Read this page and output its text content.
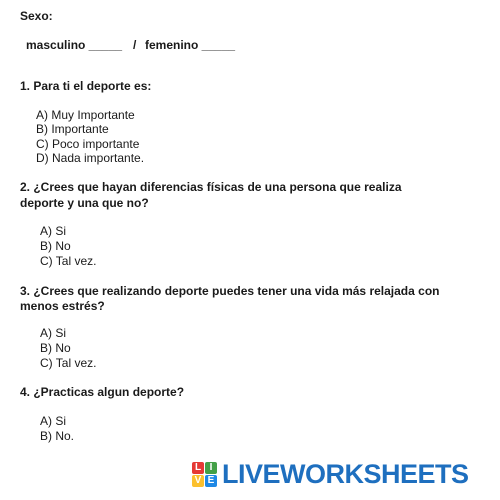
Sexo:
masculino _____ / femenino _____
1. Para ti el deporte es:
A) Muy Importante
B) Importante
C) Poco importante
D) Nada importante.
2. ¿Crees que hayan diferencias físicas de una persona que realiza
deporte y una que no?
A) Si
B) No
C) Tal vez.
3. ¿Crees que realizando deporte puedes tener una vida más relajada con
menos estrés?
A) Si
B) No
C) Tal vez.
4. ¿Practicas algun deporte?
A) Si
B) No.
L I
V E LIVEWORKSHEETS
